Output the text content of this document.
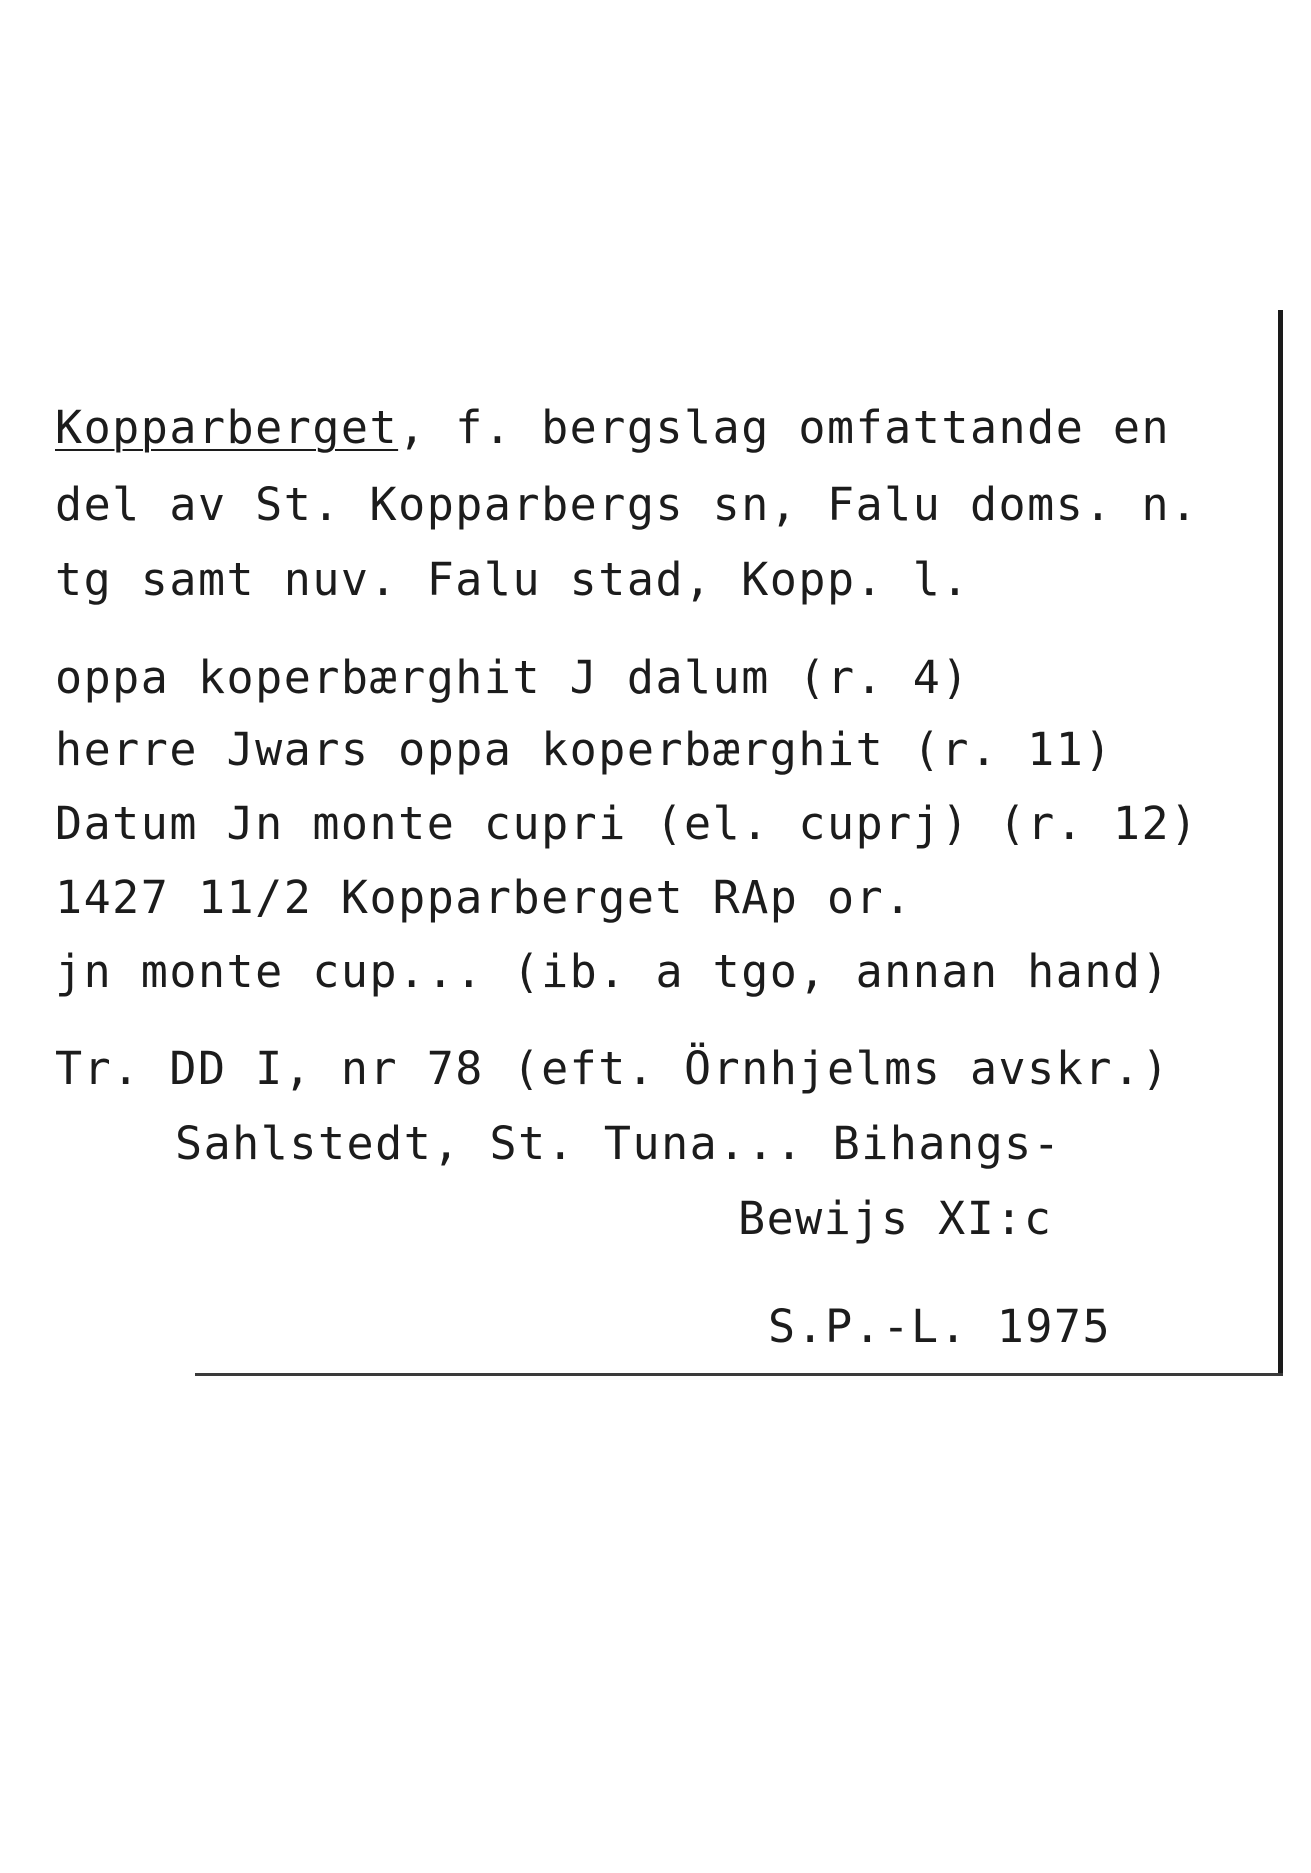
Kopparberget, f. bergslag omfattande en
del av St. Kopparbergs sn, Falu doms. n.
tg samt nuv. Falu stad, Kopp. l.
oppa koperbærghit J dalum (r. 4)
herre Jwars oppa koperbærghit (r. 11)
Datum Jn monte cupri (el. cuprj) (r. 12)
1427 11/2 Kopparberget RAp or.
jn monte cup... (ib. a tgo, annan hand)
Tr. DD I, nr 78 (eft. Örnhjelms avskr.)
Sahlstedt, St. Tuna... Bihangs-
Bewijs XI:c
S.P.-L. 1975
